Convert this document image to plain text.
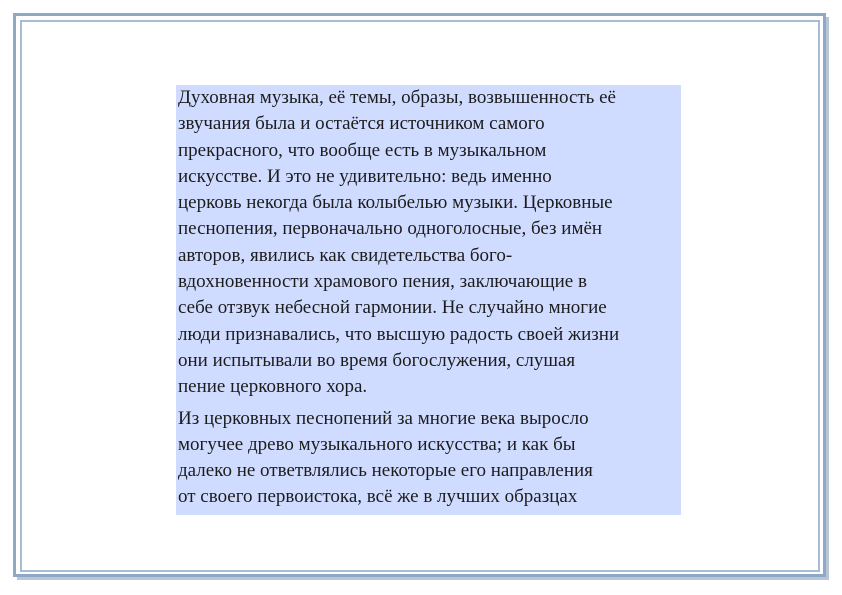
Духовная музыка, её темы, образы, возвышенность её
звучания была и остаётся источником самого
прекрасного, что вообще есть в музыкальном
искусстве. И это не удивительно: ведь именно
церковь некогда была колыбелью музыки. Церковные
песнопения, первоначально одноголосные, без имён
авторов, явились как свидетельства бого-
вдохновенности храмового пения, заключающие в
себе отзвук небесной гармонии. Не случайно многие
люди признавались, что высшую радость своей жизни
они испытывали во время богослужения, слушая
пение церковного хора.

Из церковных песнопений за многие века выросло
могучее древо музыкального искусства; и как бы
далеко не ответвлялись некоторые его направления
от своего первоистока, всё же в лучших образцах
